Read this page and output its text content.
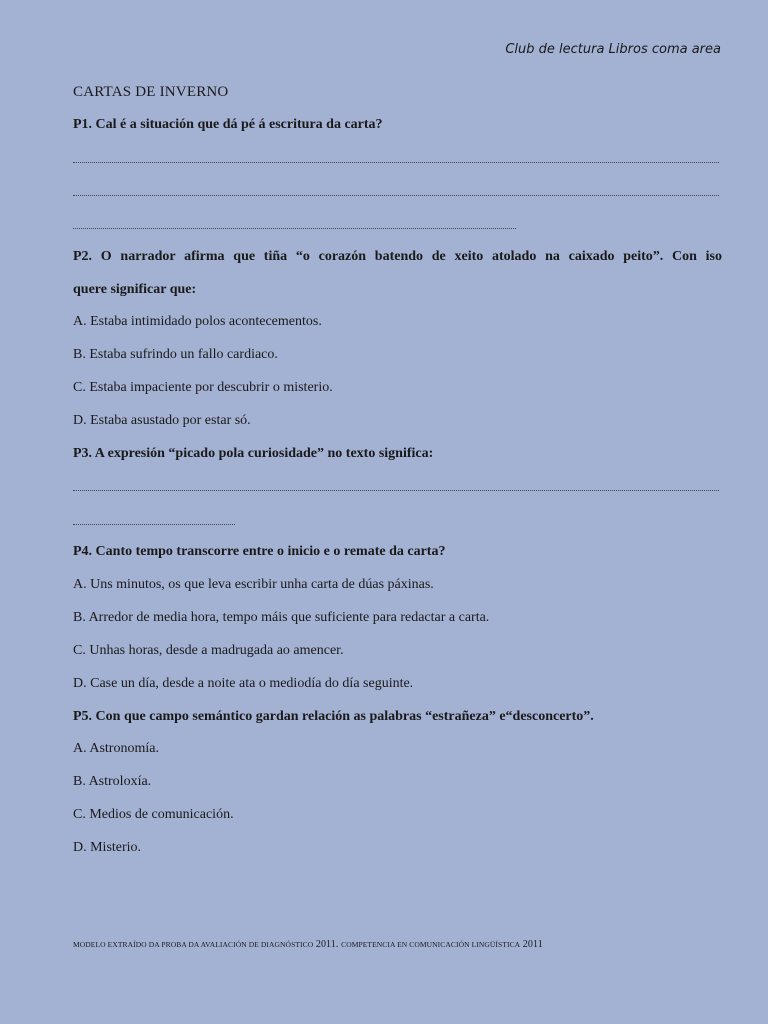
Club de lectura Libros coma area
CARTAS DE INVERNO
P1. Cal é a situación que dá pé á escritura da carta?
P2. O narrador afirma que tiña “o corazón batendo de xeito atolado na caixado peito”. Con iso
quere significar que:
A. Estaba intimidado polos acontecementos.
B. Estaba sufrindo un fallo cardiaco.
C. Estaba impaciente por descubrir o misterio.
D. Estaba asustado por estar só.
P3. A expresión “picado pola curiosidade” no texto significa:
P4. Canto tempo transcorre entre o inicio e o remate da carta?
A. Uns minutos, os que leva escribir unha carta de dúas páxinas.
B. Arredor de media hora, tempo máis que suficiente para redactar a carta.
C. Unhas horas, desde a madrugada ao amencer.
D. Case un día, desde a noite ata o mediodía do día seguinte.
P5. Con que campo semántico gardan relación as palabras “estrañeza” e“desconcerto”.
A. Astronomía.
B. Astroloxía.
C. Medios de comunicación.
D. Misterio.
MODELO EXTRAÍDO DA PROBA DA AVALIACIÓN DE DIAGNÓSTICO 2011. COMPETENCIA EN COMUNICACIÓN LINGÜÍSTICA 2011
